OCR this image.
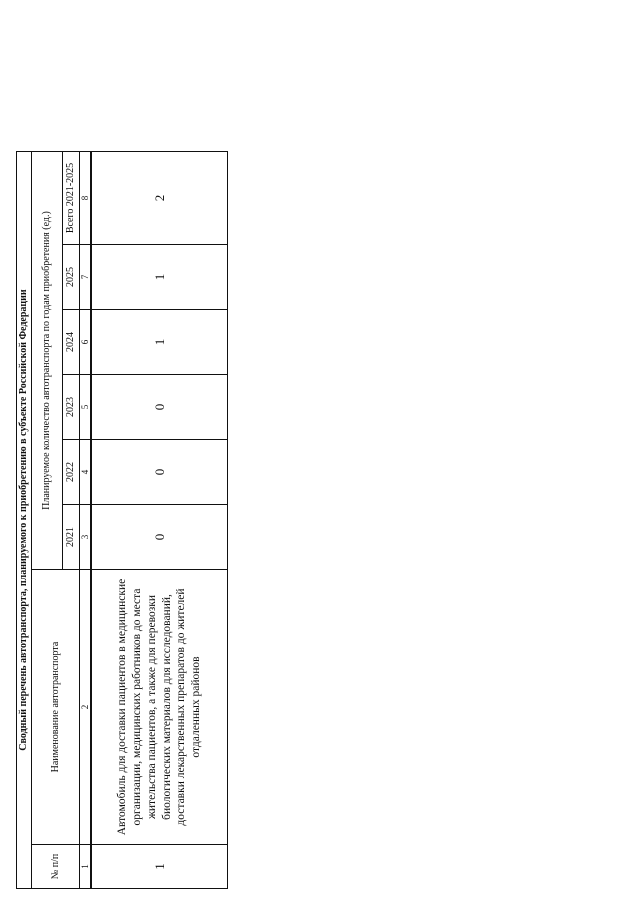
Сводный перечень автотранспорта, планируемого к приобретению в субъекте Российской Федерации							
№ п/п	Наименование автотранспорта	Планируемое количество автотранспорта по годам приобретения (ед.)					
		2021	2022	2023	2024	2025	Всего 2021-2025
1	2	3	4	5	6	7	8
1	Автомобиль для доставки пациентов в медицинские организации, медицинских работников до места жительства пациентов, а также для перевозки биологических материалов для исследований, доставки лекарственных препаратов до жителей отдаленных районов	0	0	0	1	1	2
